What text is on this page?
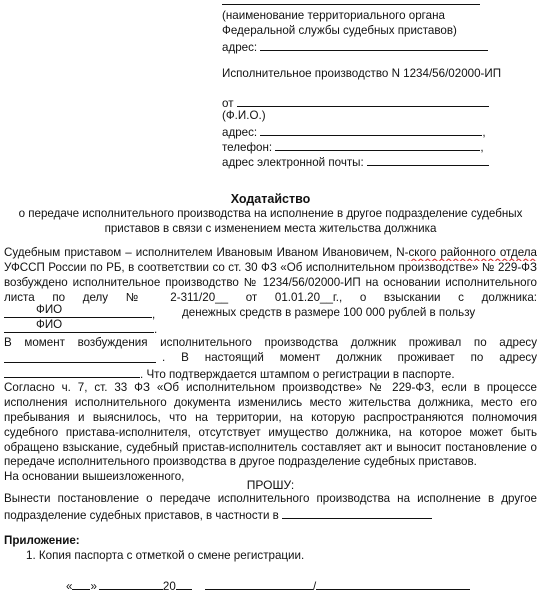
(наименование территориального органа
Федеральной службы судебных приставов)
адрес:
Исполнительное производство N 1234/56/02000-ИП
от
(Ф.И.О.)
адрес:	,
телефон:	,
адрес электронной почты:
Ходатайство
о передаче исполнительного производства на исполнение в другое подразделение судебных
приставов в связи с изменением места жительства должника
Судебным приставом – исполнителем Ивановым Иваном Ивановичем, N-ского районного отдела
УФССП России по РБ, в соответствии со ст. 30 ФЗ «Об исполнительном производстве» № 229-ФЗ
возбуждено исполнительное производство № 1234/56/02000-ИП на основании исполнительного
листа по делу № 2-311/20__ от 01.01.20__г., о взыскании с должника:
ФИО	, денежных средств в размере 100 000 рублей в пользу
ФИО	.
В момент возбуждения исполнительного производства должник проживал по адресу
. В настоящий момент должник проживает по адресу
. Что подтверждается штампом о регистрации в паспорте.
Согласно ч. 7, ст. 33 ФЗ «Об исполнительном производстве» № 229-ФЗ, если в процессе
исполнения исполнительного документа изменились место жительства должника, место его
пребывания и выяснилось, что на территории, на которую распространяются полномочия
судебного пристава-исполнителя, отсутствует имущество должника, на которое может быть
обращено взыскание, судебный пристав-исполнитель составляет акт и выносит постановление о
передаче исполнительного производства в другое подразделение судебных приставов.
На основании вышеизложенного,
ПРОШУ:
Вынести постановление о передаче исполнительного производства на исполнение в другое
подразделение судебных приставов, в частности в
Приложение:
1. Копия паспорта с отметкой о смене регистрации.
« »	20	/
